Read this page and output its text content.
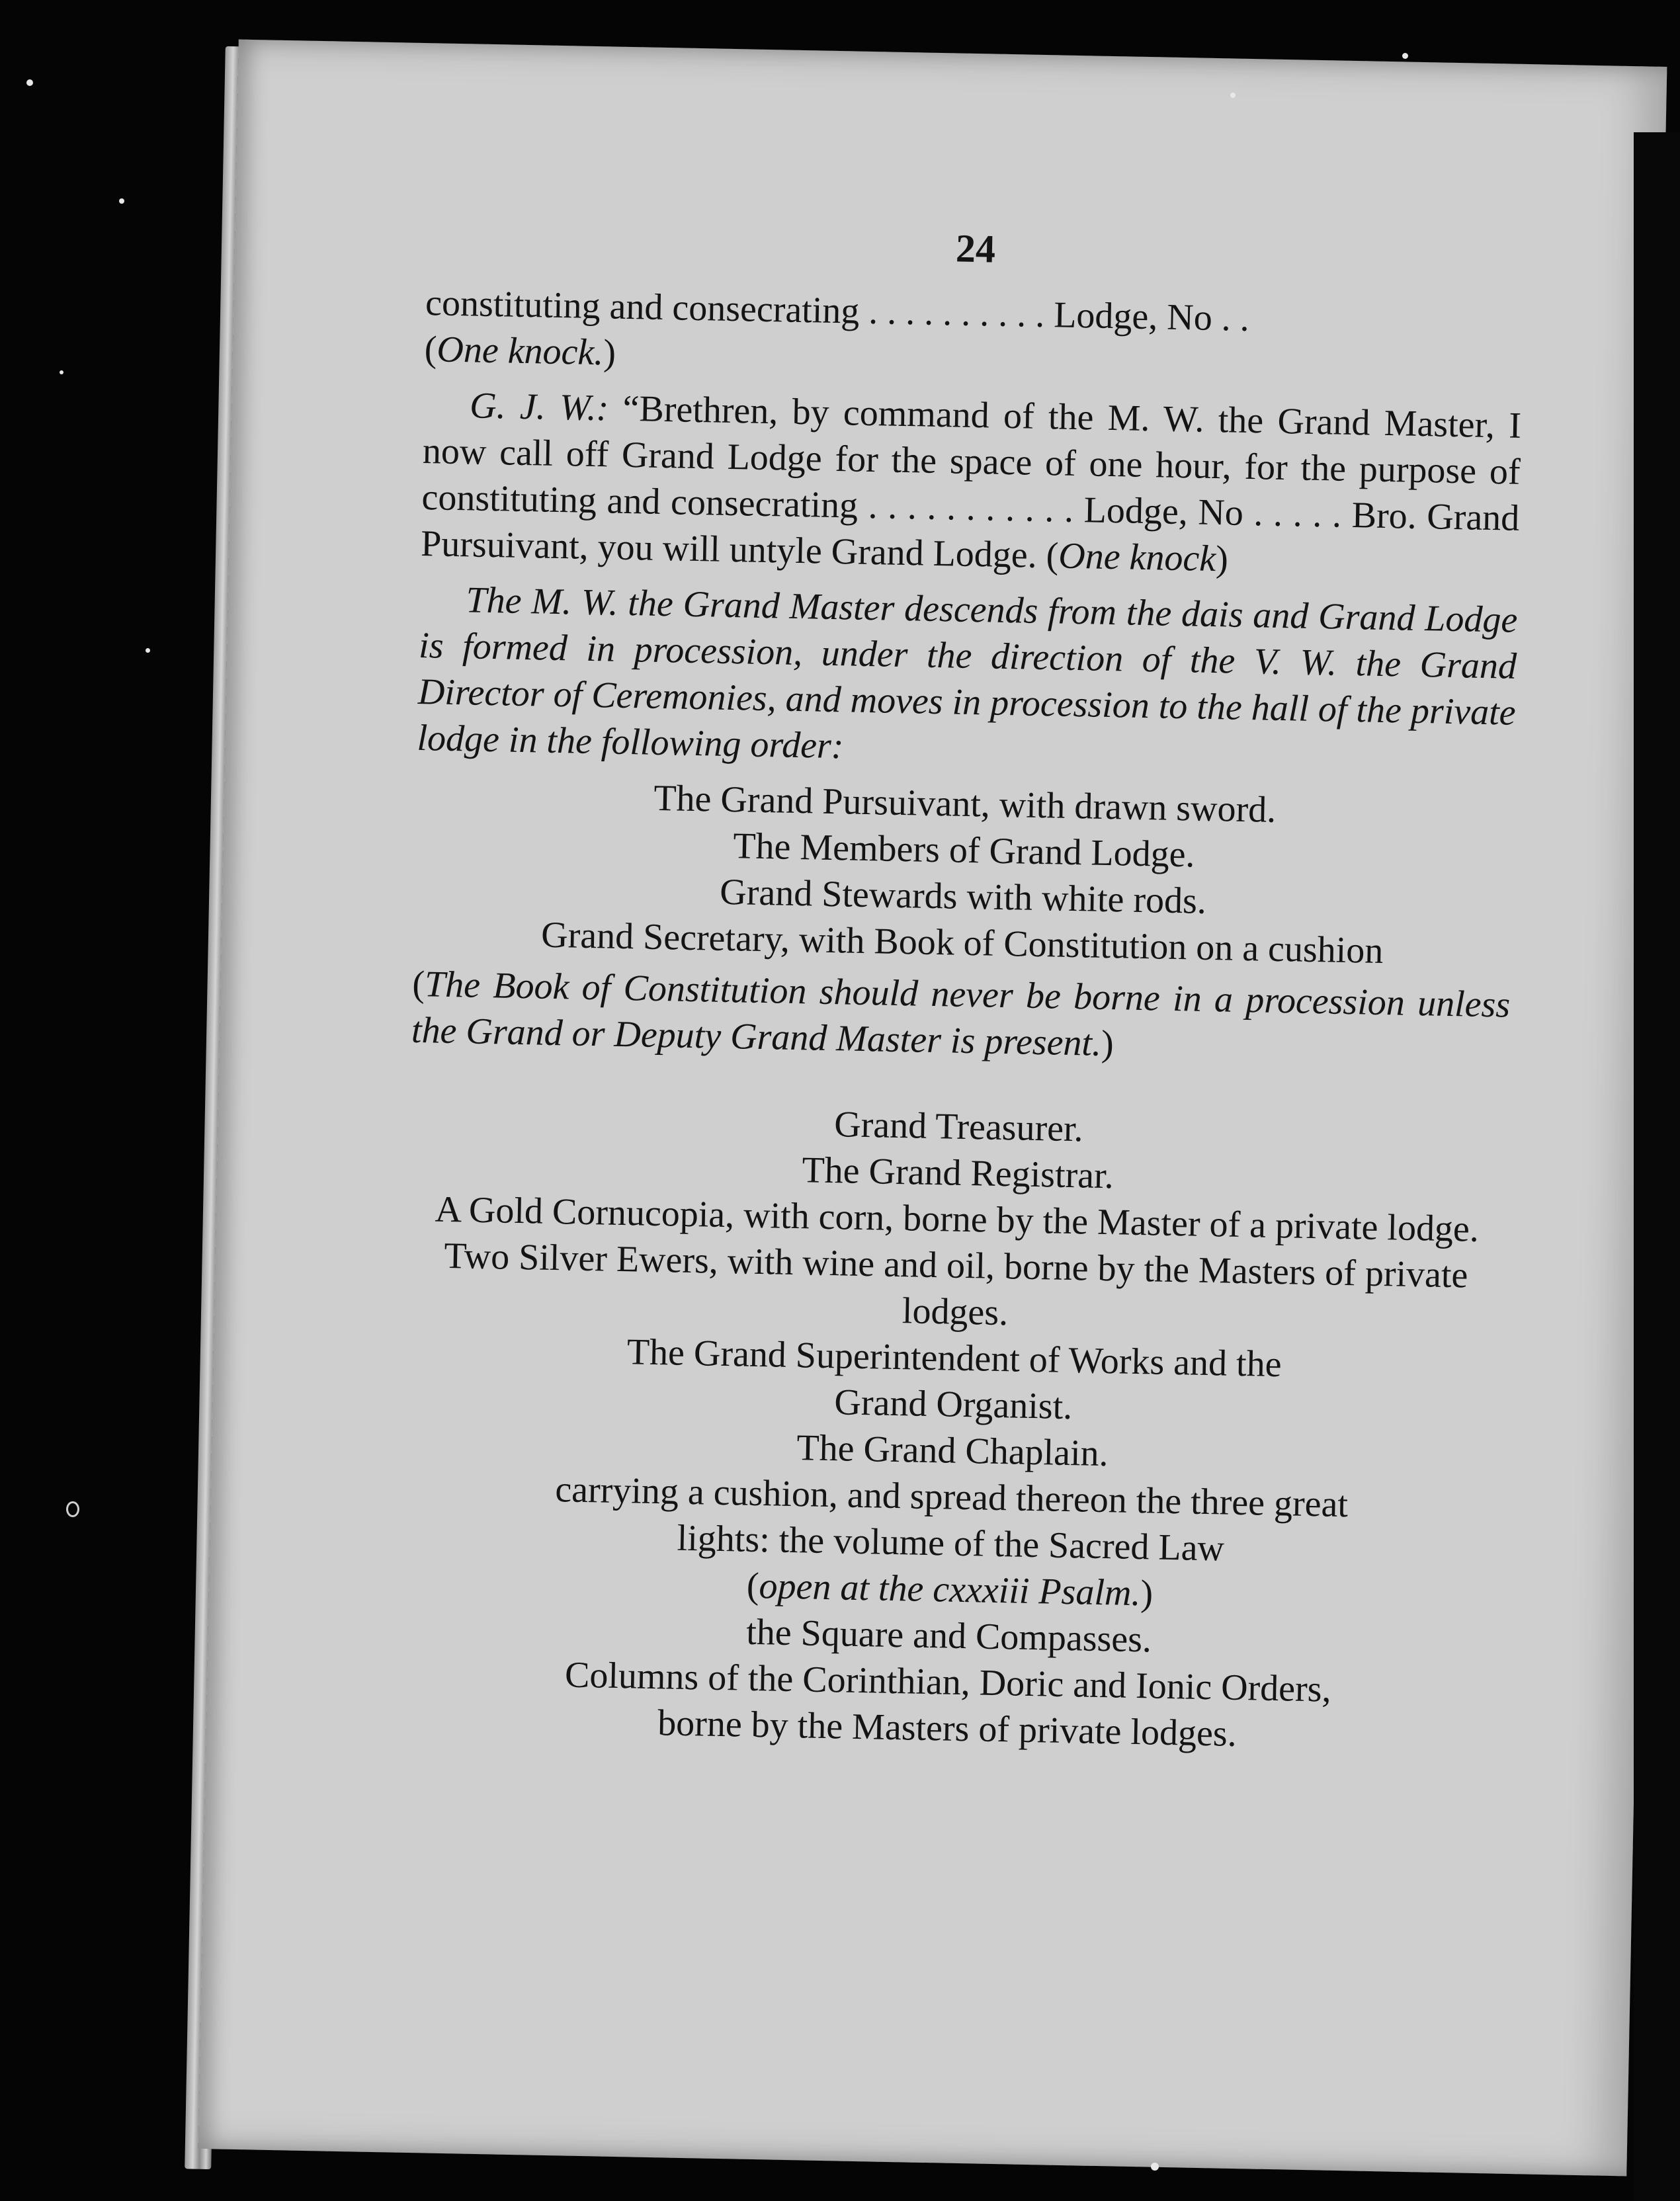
24

constituting and consecrating . . . . . . . . . . Lodge, No . .

(One knock.)

G. J. W.: “Brethren, by command of the M. W. the Grand Master, I now call off Grand Lodge for the space of one hour, for the purpose of constituting and consecrating . . . . . . . . . . . Lodge, No . . . . . Bro. Grand Pursuivant, you will untyle Grand Lodge. (One knock)

The M. W. the Grand Master descends from the dais and Grand Lodge is formed in procession, under the direction of the V. W. the Grand Director of Ceremonies, and moves in procession to the hall of the private lodge in the following order:

The Grand Pursuivant, with drawn sword.

The Members of Grand Lodge.

Grand Stewards with white rods.

Grand Secretary, with Book of Constitution on a cushion

(The Book of Constitution should never be borne in a procession unless the Grand or Deputy Grand Master is present.)

Grand Treasurer.

The Grand Registrar.

A Gold Cornucopia, with corn, borne by the Master of a private lodge. Two Silver Ewers, with wine and oil, borne by the Masters of private lodges.

The Grand Superintendent of Works and the

Grand Organist.

The Grand Chaplain.

carrying a cushion, and spread thereon the three great

lights: the volume of the Sacred Law

(open at the cxxxiii Psalm.)

the Square and Compasses.

Columns of the Corinthian, Doric and Ionic Orders,

borne by the Masters of private lodges.
